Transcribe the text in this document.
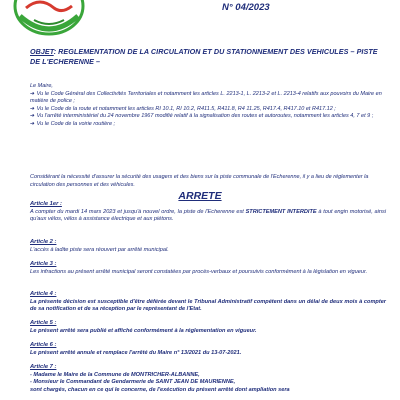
N° 04/2023

OBJET: REGLEMENTATION DE LA CIRCULATION ET DU STATIONNEMENT DES VEHICULES – PISTE DE L'ECHERENNE –

Le Maire,

➔ Vu le Code Général des Collectivités Territoriales et notamment les articles L. 2213-1, L. 2213-2 et L. 2213-4 relatifs aux pouvoirs du Maire en matière de police ;

➔ Vu le Code de la route et notamment les articles RI 10.1, RI 10.2, R411.5, R411.8, R4 11.25, R417.4, R417.10 et R417.12 ;

➔ Vu l'arrêté interministériel du 24 novembre 1967 modifié relatif à la signalisation des routes et autoroutes, notamment les articles 4, 7 et 9 ;

➔ Vu le Code de la voirie routière ;

Considérant la nécessité d'assurer la sécurité des usagers et des biens sur la piste communale de l'Echerenne, il y a lieu de réglementer la circulation des personnes et des véhicules.

ARRETE

Article 1er :
A compter du mardi 14 mars 2023 et jusqu'à nouvel ordre, la piste de l'Echerenne est STRICTEMENT INTERDITE à tout engin motorisé, ainsi qu'aux vélos, vélos à assistance électrique et aux piétons.
Article 2 :
L'accès à ladite piste sera réouvert par arrêté municipal.
Article 3 :
Les infractions au présent arrêté municipal seront constatées par procès-verbaux et poursuivis conformément à la législation en vigueur.
Article 4 :
La présente décision est susceptible d'être déférée devant le Tribunal Administratif compétent dans un délai de deux mois à compter de sa notification et de sa réception par le représentant de l'Etat.
Article 5 :
Le présent arrêté sera publié et affiché conformément à la réglementation en vigueur.
Article 6 :
Le présent arrêté annule et remplace l'arrêté du Maire n° 13/2021 du 13-07-2021.
Article 7 :
- Madame le Maire de la Commune de MONTRICHER-ALBANNE,
- Monsieur le Commandant de Gendarmerie de SAINT JEAN DE MAURIENNE,
sont chargés, chacun en ce qui le concerne, de l'exécution du présent arrêté dont ampliation sera
